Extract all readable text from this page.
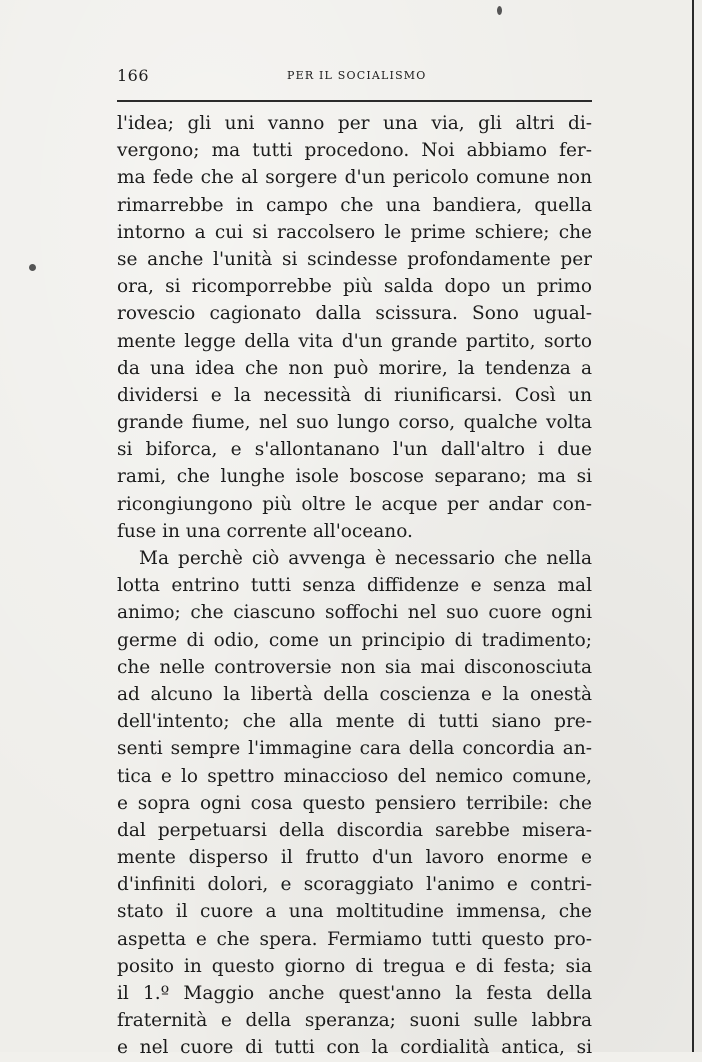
166	PER IL SOCIALISMO
l'idea; gli uni vanno per una via, gli altri di-
vergono; ma tutti procedono. Noi abbiamo fer-
ma fede che al sorgere d'un pericolo comune non
rimarrebbe in campo che una bandiera, quella
intorno a cui si raccolsero le prime schiere; che
se anche l'unità si scindesse profondamente per
ora, si ricomporrebbe più salda dopo un primo
rovescio cagionato dalla scissura. Sono ugual-
mente legge della vita d'un grande partito, sorto
da una idea che non può morire, la tendenza a
dividersi e la necessità di riunificarsi. Così un
grande fiume, nel suo lungo corso, qualche volta
si biforca, e s'allontanano l'un dall'altro i due
rami, che lunghe isole boscose separano; ma si
ricongiungono più oltre le acque per andar con-
fuse in una corrente all'oceano.
Ma perchè ciò avvenga è necessario che nella
lotta entrino tutti senza diffidenze e senza mal
animo; che ciascuno soffochi nel suo cuore ogni
germe di odio, come un principio di tradimento;
che nelle controversie non sia mai disconosciuta
ad alcuno la libertà della coscienza e la onestà
dell'intento; che alla mente di tutti siano pre-
senti sempre l'immagine cara della concordia an-
tica e lo spettro minaccioso del nemico comune,
e sopra ogni cosa questo pensiero terribile: che
dal perpetuarsi della discordia sarebbe misera-
mente disperso il frutto d'un lavoro enorme e
d'infiniti dolori, e scoraggiato l'animo e contri-
stato il cuore a una moltitudine immensa, che
aspetta e che spera. Fermiamo tutti questo pro-
posito in questo giorno di tregua e di festa; sia
il 1.º Maggio anche quest'anno la festa della
fraternità e della speranza; suoni sulle labbra
e nel cuore di tutti con la cordialità antica, si
